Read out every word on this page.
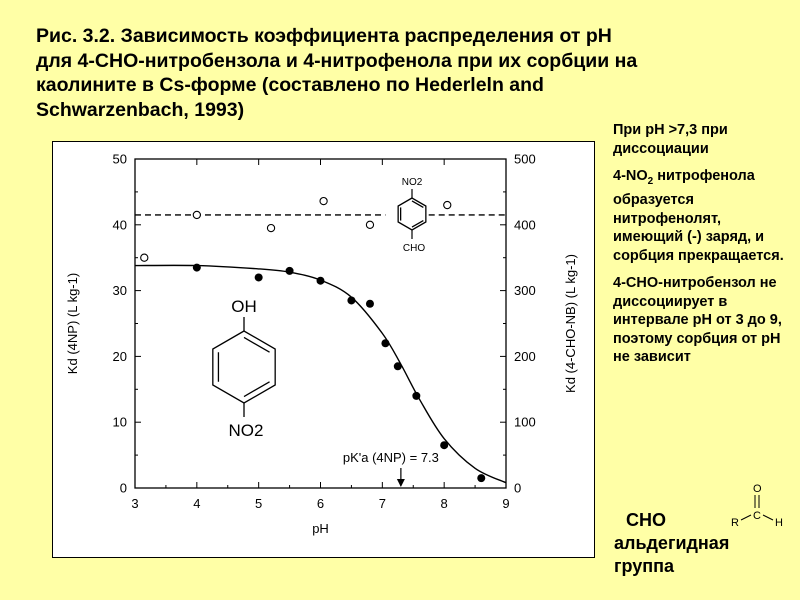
Рис. 3.2. Зависимость коэффициента распределения от pH
для 4-CHO-нитробензола и 4-нитрофенола при их сорбции на
каолините в Cs-форме (составлено по Hederleln and
Schwarzenbach, 1993)
3	4	5	6	7	8	9
0
10
20
30
40
50
0
100
200
300
400
500
pH
Kd (4NP) (L kg-1)	Kd (4-CHO-NB) (L kg-1)
pK'a (4NP) = 7.3
NO2
CHO
OH
NO2

При pH >7,3 при диссоциации

$4-NO_2$ нитрофенола образуется нитрофенолят, имеющий (-) заряд, и сорбция прекращается.

4-CHO-нитробензол не диссоциирует в интервале pH от 3 до 9, поэтому сорбция от pH не зависит

CHO
альдегидная группа
O
C
R	H
